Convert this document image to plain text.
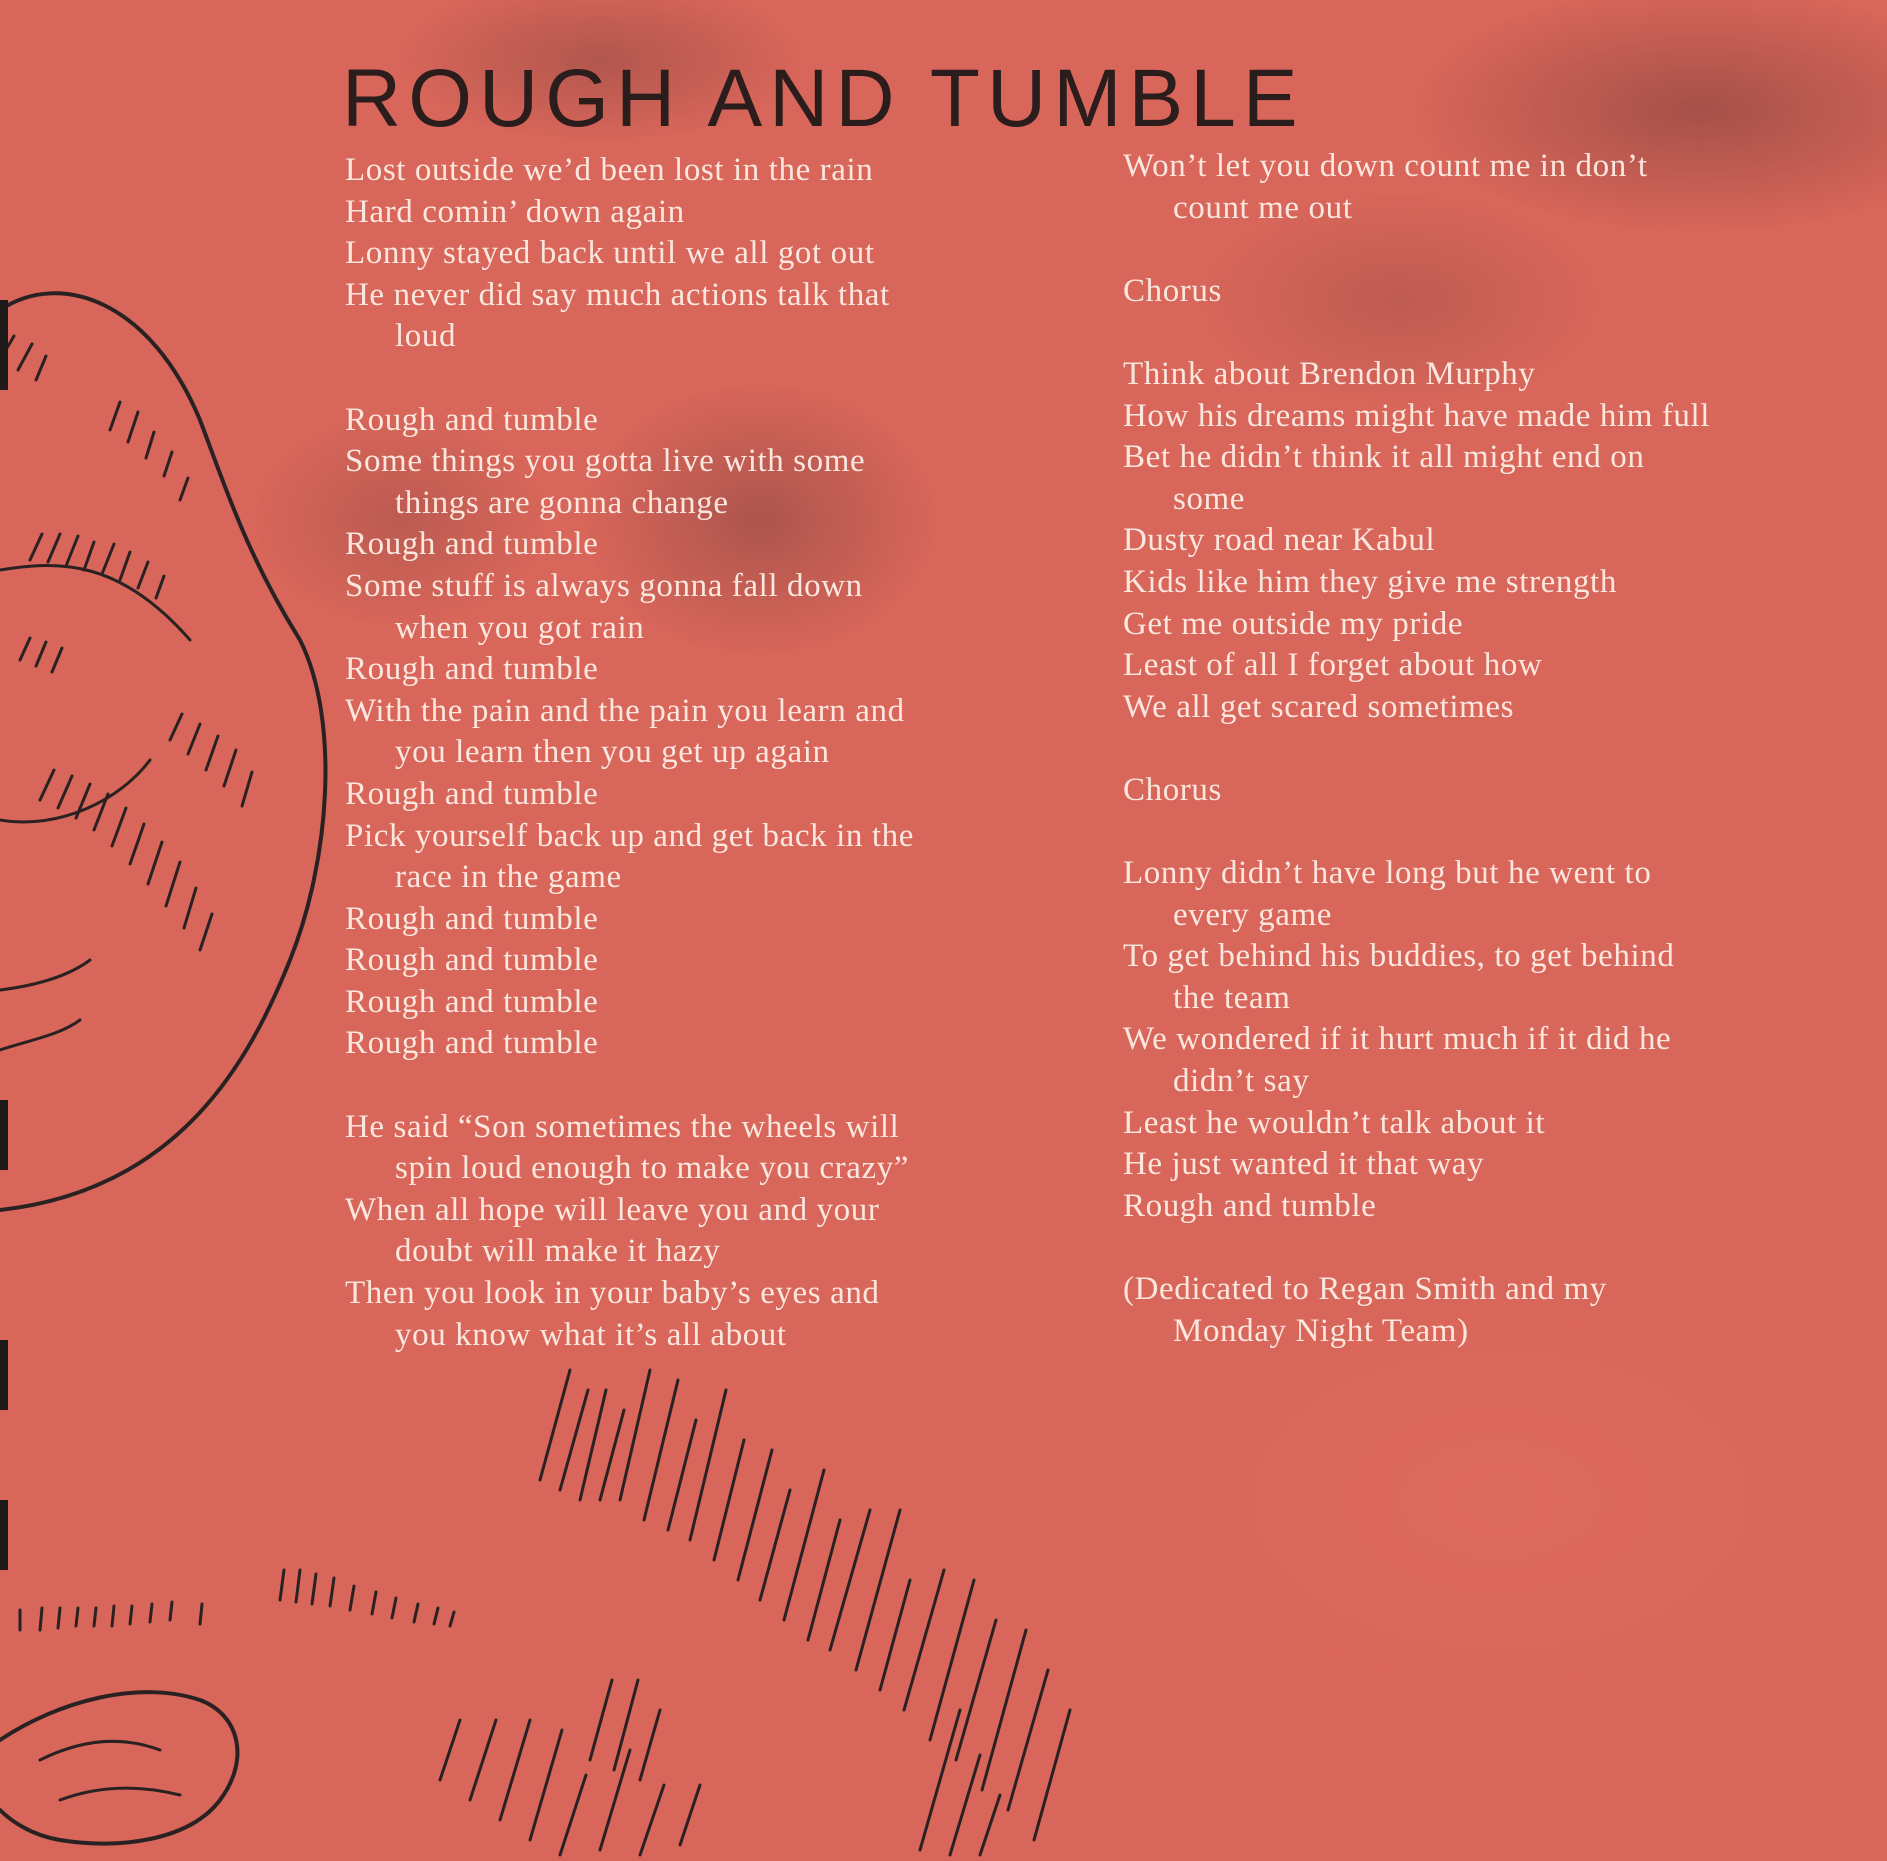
ROUGH AND TUMBLE
Lost outside we’d been lost in the rain
Hard comin’ down again
Lonny stayed back until we all got out
He never did say much actions talk that
loud
Rough and tumble
Some things you gotta live with some
things are gonna change
Rough and tumble
Some stuff is always gonna fall down
when you got rain
Rough and tumble
With the pain and the pain you learn and
you learn then you get up again
Rough and tumble
Pick yourself back up and get back in the
race in the game
Rough and tumble
Rough and tumble
Rough and tumble
Rough and tumble
He said “Son sometimes the wheels will
spin loud enough to make you crazy”
When all hope will leave you and your
doubt will make it hazy
Then you look in your baby’s eyes and
you know what it’s all about
Won’t let you down count me in don’t
count me out
Chorus
Think about Brendon Murphy
How his dreams might have made him full
Bet he didn’t think it all might end on
some
Dusty road near Kabul
Kids like him they give me strength
Get me outside my pride
Least of all I forget about how
We all get scared sometimes
Chorus
Lonny didn’t have long but he went to
every game
To get behind his buddies, to get behind
the team
We wondered if it hurt much if it did he
didn’t say
Least he wouldn’t talk about it
He just wanted it that way
Rough and tumble
(Dedicated to Regan Smith and my
Monday Night Team)
